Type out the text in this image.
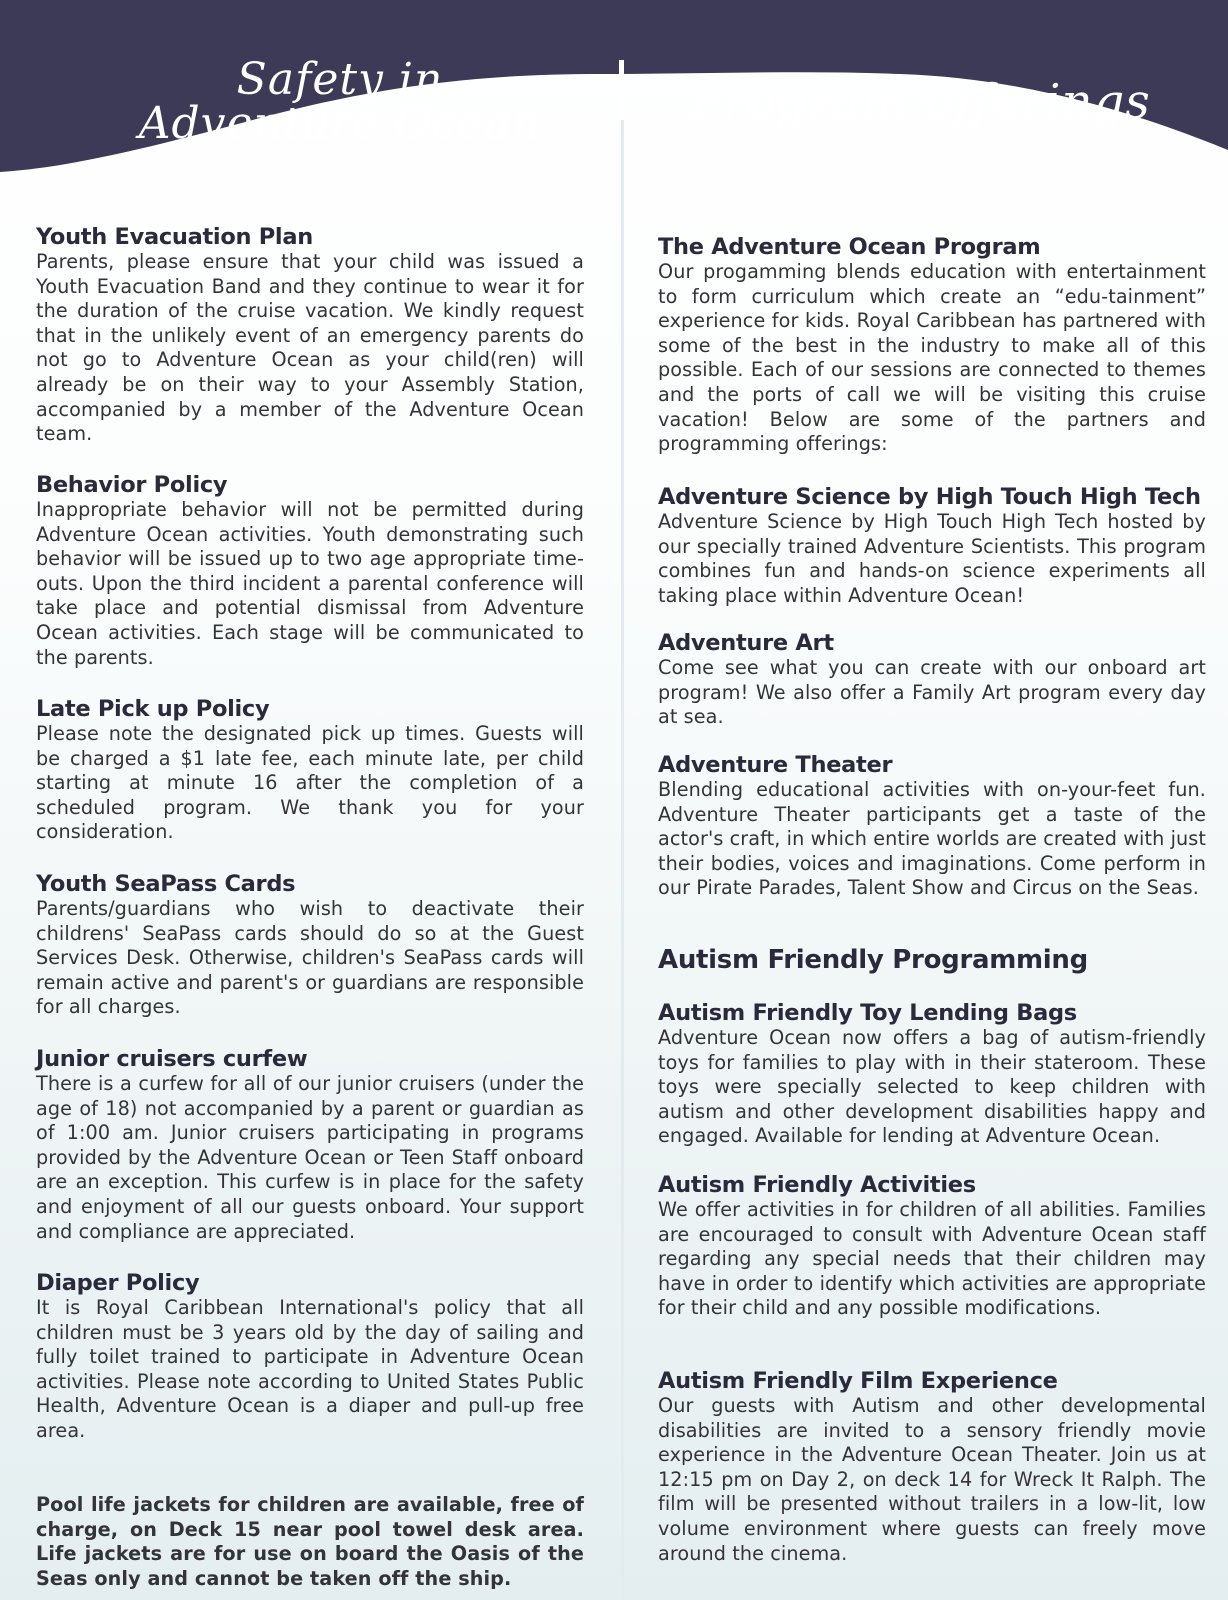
Safety in
Adventure Ocean	Program offerings
Youth Evacuation Plan

Parents, please ensure that your child was issued a Youth Evacuation Band and they continue to wear it for the duration of the cruise vacation. We kindly request that in the unlikely event of an emergency parents do not go to Adventure Ocean as your child(ren) will already be on their way to your Assembly Station, accompanied by a member of the Adventure Ocean team.

Behavior Policy

Inappropriate behavior will not be permitted during Adventure Ocean activities. Youth demonstrating such behavior will be issued up to two age appropriate time-outs. Upon the third incident a parental conference will take place and potential dismissal from Adventure Ocean activities. Each stage will be communicated to the parents.

Late Pick up Policy

Please note the designated pick up times. Guests will be charged a $1 late fee, each minute late, per child starting at minute 16 after the completion of a scheduled program. We thank you for your consideration.

Youth SeaPass Cards

Parents/guardians who wish to deactivate their childrens' SeaPass cards should do so at the Guest Services Desk. Otherwise, children's SeaPass cards will remain active and parent's or guardians are responsible for all charges.

Junior cruisers curfew

There is a curfew for all of our junior cruisers (under the age of 18) not accompanied by a parent or guardian as of 1:00 am. Junior cruisers participating in programs provided by the Adventure Ocean or Teen Staff onboard are an exception. This curfew is in place for the safety and enjoyment of all our guests onboard. Your support and compliance are appreciated.

Diaper Policy

It is Royal Caribbean International's policy that all children must be 3 years old by the day of sailing and fully toilet trained to participate in Adventure Ocean activities. Please note according to United States Public Health, Adventure Ocean is a diaper and pull-up free area.

Pool life jackets for children are available, free of charge, on Deck 15 near pool towel desk area. Life jackets are for use on board the Oasis of the Seas only and cannot be taken off the ship.

The Adventure Ocean Program

Our progamming blends education with entertainment to form curriculum which create an “edu-tainment” experience for kids. Royal Caribbean has partnered with some of the best in the industry to make all of this possible. Each of our sessions are connected to themes and the ports of call we will be visiting this cruise vacation! Below are some of the partners and programming offerings:

Adventure Science by High Touch High Tech

Adventure Science by High Touch High Tech hosted by our specially trained Adventure Scientists. This program combines fun and hands-on science experiments all taking place within Adventure Ocean!

Adventure Art

Come see what you can create with our onboard art program! We also offer a Family Art program every day at sea.

Adventure Theater

Blending educational activities with on-your-feet fun. Adventure Theater participants get a taste of the actor's craft, in which entire worlds are created with just their bodies, voices and imaginations. Come perform in our Pirate Parades, Talent Show and Circus on the Seas.

Autism Friendly Programming
Autism Friendly Toy Lending Bags

Adventure Ocean now offers a bag of autism-friendly toys for families to play with in their stateroom. These toys were specially selected to keep children with autism and other development disabilities happy and engaged. Available for lending at Adventure Ocean.

Autism Friendly Activities

We offer activities in for children of all abilities. Families are encouraged to consult with Adventure Ocean staff regarding any special needs that their children may have in order to identify which activities are appropriate for their child and any possible modifications.

Autism Friendly Film Experience

Our guests with Autism and other developmental disabilities are invited to a sensory friendly movie experience in the Adventure Ocean Theater. Join us at 12:15 pm on Day 2, on deck 14 for Wreck It Ralph. The film will be presented without trailers in a low-lit, low volume environment where guests can freely move around the cinema.
